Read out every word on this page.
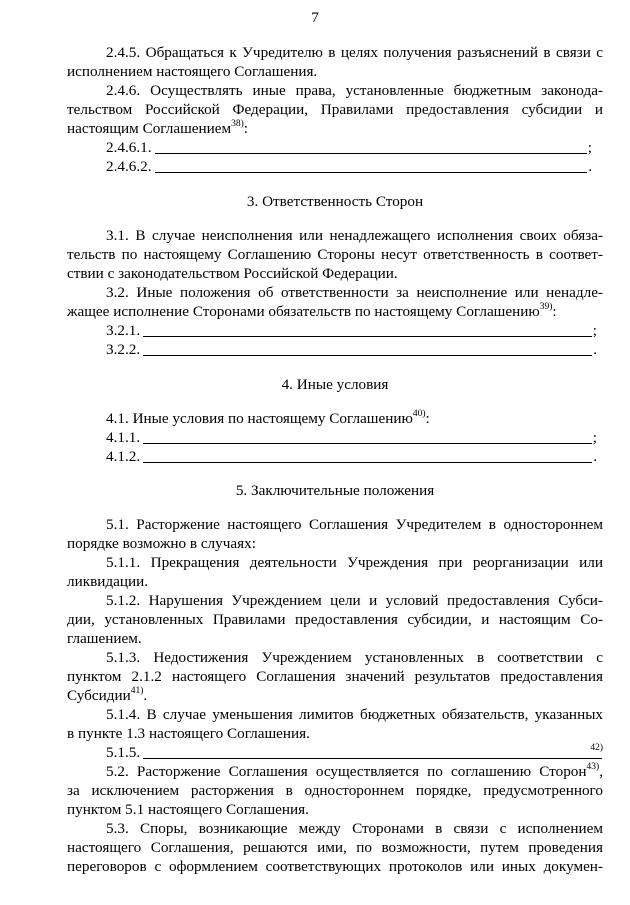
7
2.4.5. Обращаться к Учредителю в целях получения разъяснений в связи с
исполнением настоящего Соглашения.
2.4.6. Осуществлять иные права, установленные бюджетным законода-
тельством Российской Федерации, Правилами предоставления субсидии и
настоящим Соглашением$^{38)}$:
2.4.6.1.	;
2.4.6.2.	.
3. Ответственность Сторон
3.1. В случае неисполнения или ненадлежащего исполнения своих обяза-
тельств по настоящему Соглашению Стороны несут ответственность в соответ-
ствии с законодательством Российской Федерации.
3.2. Иные положения об ответственности за неисполнение или ненадле-
жащее исполнение Сторонами обязательств по настоящему Соглашению$^{39)}$:
3.2.1.	;
3.2.2.	.
4. Иные условия
4.1. Иные условия по настоящему Соглашению$^{40)}$:
4.1.1.	;
4.1.2.	.
5. Заключительные положения
5.1. Расторжение настоящего Соглашения Учредителем в одностороннем
порядке возможно в случаях:
5.1.1. Прекращения деятельности Учреждения при реорганизации или
ликвидации.
5.1.2. Нарушения Учреждением цели и условий предоставления Субси-
дии, установленных Правилами предоставления субсидии, и настоящим Со-
глашением.
5.1.3. Недостижения Учреждением установленных в соответствии с
пунктом 2.1.2 настоящего Соглашения значений результатов предоставления
Субсидии$^{41)}$.
5.1.4. В случае уменьшения лимитов бюджетных обязательств, указанных
в пункте 1.3 настоящего Соглашения.
5.1.5.	42)
5.2. Расторжение Соглашения осуществляется по соглашению Сторон$^{43)}$,
за исключением расторжения в одностороннем порядке, предусмотренного
пунктом 5.1 настоящего Соглашения.
5.3. Споры, возникающие между Сторонами в связи с исполнением
настоящего Соглашения, решаются ими, по возможности, путем проведения
переговоров с оформлением соответствующих протоколов или иных докумен-
